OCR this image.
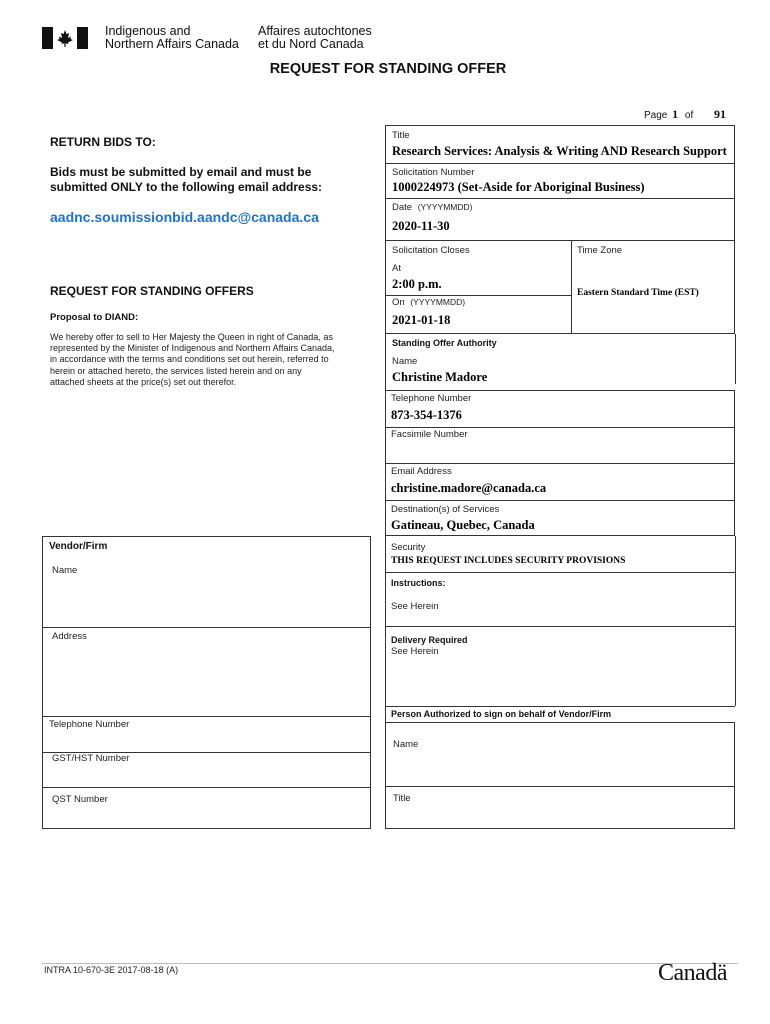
Indigenous and
Northern Affairs Canada
Affaires autochtones
et du Nord Canada
REQUEST FOR STANDING OFFER
Page 1 of 91
RETURN BIDS TO:
Bids must be submitted by email and must be
submitted ONLY to the following email address:
aadnc.soumissionbid.aandc@canada.ca
REQUEST FOR STANDING OFFERS
Proposal to DIAND:
We hereby offer to sell to Her Majesty the Queen in right of Canada, as
represented by the Minister of Indigenous and Northern Affairs Canada,
in accordance with the terms and conditions set out herein, referred to
herein or attached hereto, the services listed herein and on any
attached sheets at the price(s) set out therefor.
Vendor/Firm
Name
Address
Telephone Number
GST/HST Number
QST Number
Title
Research Services: Analysis & Writing AND Research Support
Solicitation Number
1000224973 (Set-Aside for Aboriginal Business)
Date (YYYYMMDD)
2020-11-30
Solicitation Closes
At
2:00 p.m.
On (YYYYMMDD)
2021-01-18
Time Zone
Eastern Standard Time (EST)
Standing Offer Authority
Name
Christine Madore
Telephone Number
873-354-1376
Facsimile Number
Email Address
christine.madore@canada.ca
Destination(s) of Services
Gatineau, Quebec, Canada
Security
THIS REQUEST INCLUDES SECURITY PROVISIONS
Instructions:
See Herein
Delivery Required
See Herein
Person Authorized to sign on behalf of Vendor/Firm
Name
Title
INTRA 10-670-3E 2017-08-18 (A)	Canadä
